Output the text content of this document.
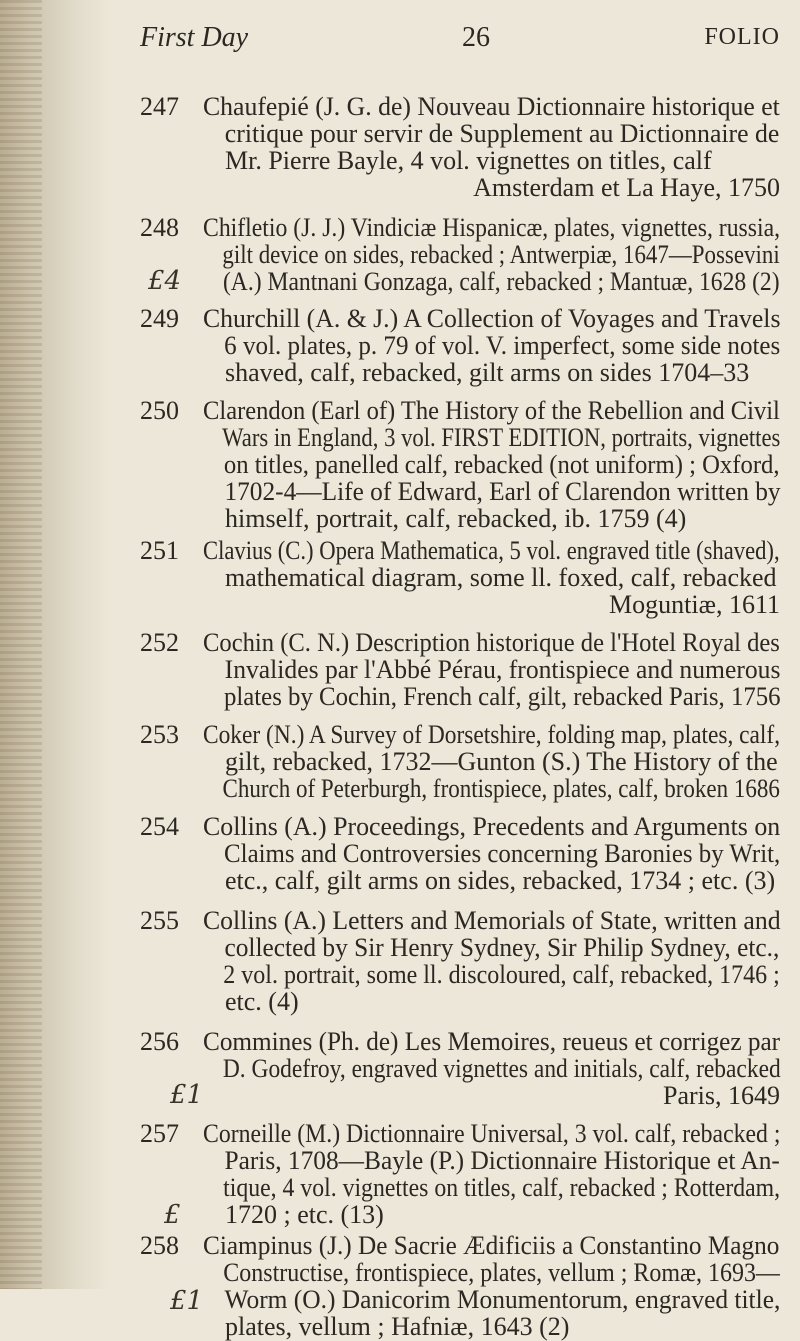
First Day	26	FOLIO
247 Chaufepié (J. G. de) Nouveau Dictionnaire historique et
critique pour servir de Supplement au Dictionnaire de
Mr. Pierre Bayle, 4 vol. vignettes on titles, calf
Amsterdam et La Haye, 1750
248 Chifletio (J. J.) Vindiciæ Hispanicæ, plates, vignettes, russia,
gilt device on sides, rebacked ; Antwerpiæ, 1647—Possevini
(A.) Mantnani Gonzaga, calf, rebacked ; Mantuæ, 1628 (2)
£4
249 Churchill (A. & J.) A Collection of Voyages and Travels
6 vol. plates, p. 79 of vol. V. imperfect, some side notes
shaved, calf, rebacked, gilt arms on sides 1704–33
250 Clarendon (Earl of) The History of the Rebellion and Civil
Wars in England, 3 vol. FIRST EDITION, portraits, vignettes
on titles, panelled calf, rebacked (not uniform) ; Oxford,
1702-4—Life of Edward, Earl of Clarendon written by
himself, portrait, calf, rebacked, ib. 1759 (4)
251 Clavius (C.) Opera Mathematica, 5 vol. engraved title (shaved),
mathematical diagram, some ll. foxed, calf, rebacked
Moguntiæ, 1611
252 Cochin (C. N.) Description historique de l'Hotel Royal des
Invalides par l'Abbé Pérau, frontispiece and numerous
plates by Cochin, French calf, gilt, rebacked Paris, 1756
253 Coker (N.) A Survey of Dorsetshire, folding map, plates, calf,
gilt, rebacked, 1732—Gunton (S.) The History of the
Church of Peterburgh, frontispiece, plates, calf, broken 1686
254 Collins (A.) Proceedings, Precedents and Arguments on
Claims and Controversies concerning Baronies by Writ,
etc., calf, gilt arms on sides, rebacked, 1734 ; etc. (3)
255 Collins (A.) Letters and Memorials of State, written and
collected by Sir Henry Sydney, Sir Philip Sydney, etc.,
2 vol. portrait, some ll. discoloured, calf, rebacked, 1746 ;
etc. (4)
256 Commines (Ph. de) Les Memoires, reueus et corrigez par
D. Godefroy, engraved vignettes and initials, calf, rebacked
Paris, 1649
£1
257 Corneille (M.) Dictionnaire Universal, 3 vol. calf, rebacked ;
Paris, 1708—Bayle (P.) Dictionnaire Historique et An-
tique, 4 vol. vignettes on titles, calf, rebacked ; Rotterdam,
1720 ; etc. (13)
£
258 Ciampinus (J.) De Sacrie Ædificiis a Constantino Magno
Constructise, frontispiece, plates, vellum ; Romæ, 1693—
Worm (O.) Danicorim Monumentorum, engraved title,
plates, vellum ; Hafniæ, 1643 (2)
£1
